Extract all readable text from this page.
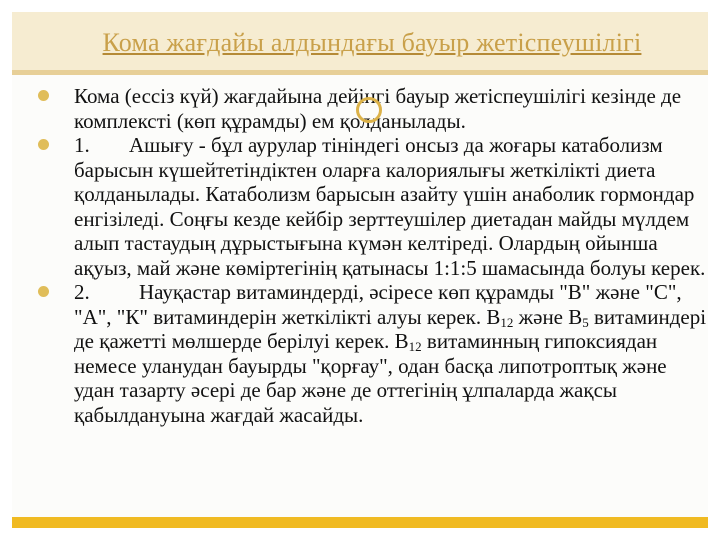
Кома жағдайы алдындағы бауыр жетіспеушілігі
Кома (ессіз күй) жағдайына дейінгі бауыр жетіспеушілігі кезінде де комплексті (көп құрамды) ем қолданылады.
1. Ашығу - бұл аурулар тініндегі онсыз да жоғары катаболизм барысын күшейтетіндіктен оларға калориялығы жеткілікті диета қолданылады. Катаболизм барысын азайту үшін анаболик гормондар енгізіледі. Соңғы кезде кейбір зерттеушілер диетадан майды мүлдем алып тастаудың дұрыстығына күмән келтіреді. Олардың ойынша ақуыз, май және көміртегінің қатынасы 1:1:5 шамасында болуы керек.
2. Науқастар витаминдерді, әсіресе көп құрамды "В" және "С", "А", "К" витаминдерін жеткілікті алуы керек. $В_{12}$ және $В_5$ витаминдері де қажетті мөлшерде берілуі керек. $В_{12}$ витаминның гипоксиядан немесе уланудан бауырды "қорғау", одан басқа липотроптық және удан тазарту әсері де бар және де оттегінің ұлпаларда жақсы қабылдануына жағдай жасайды.
